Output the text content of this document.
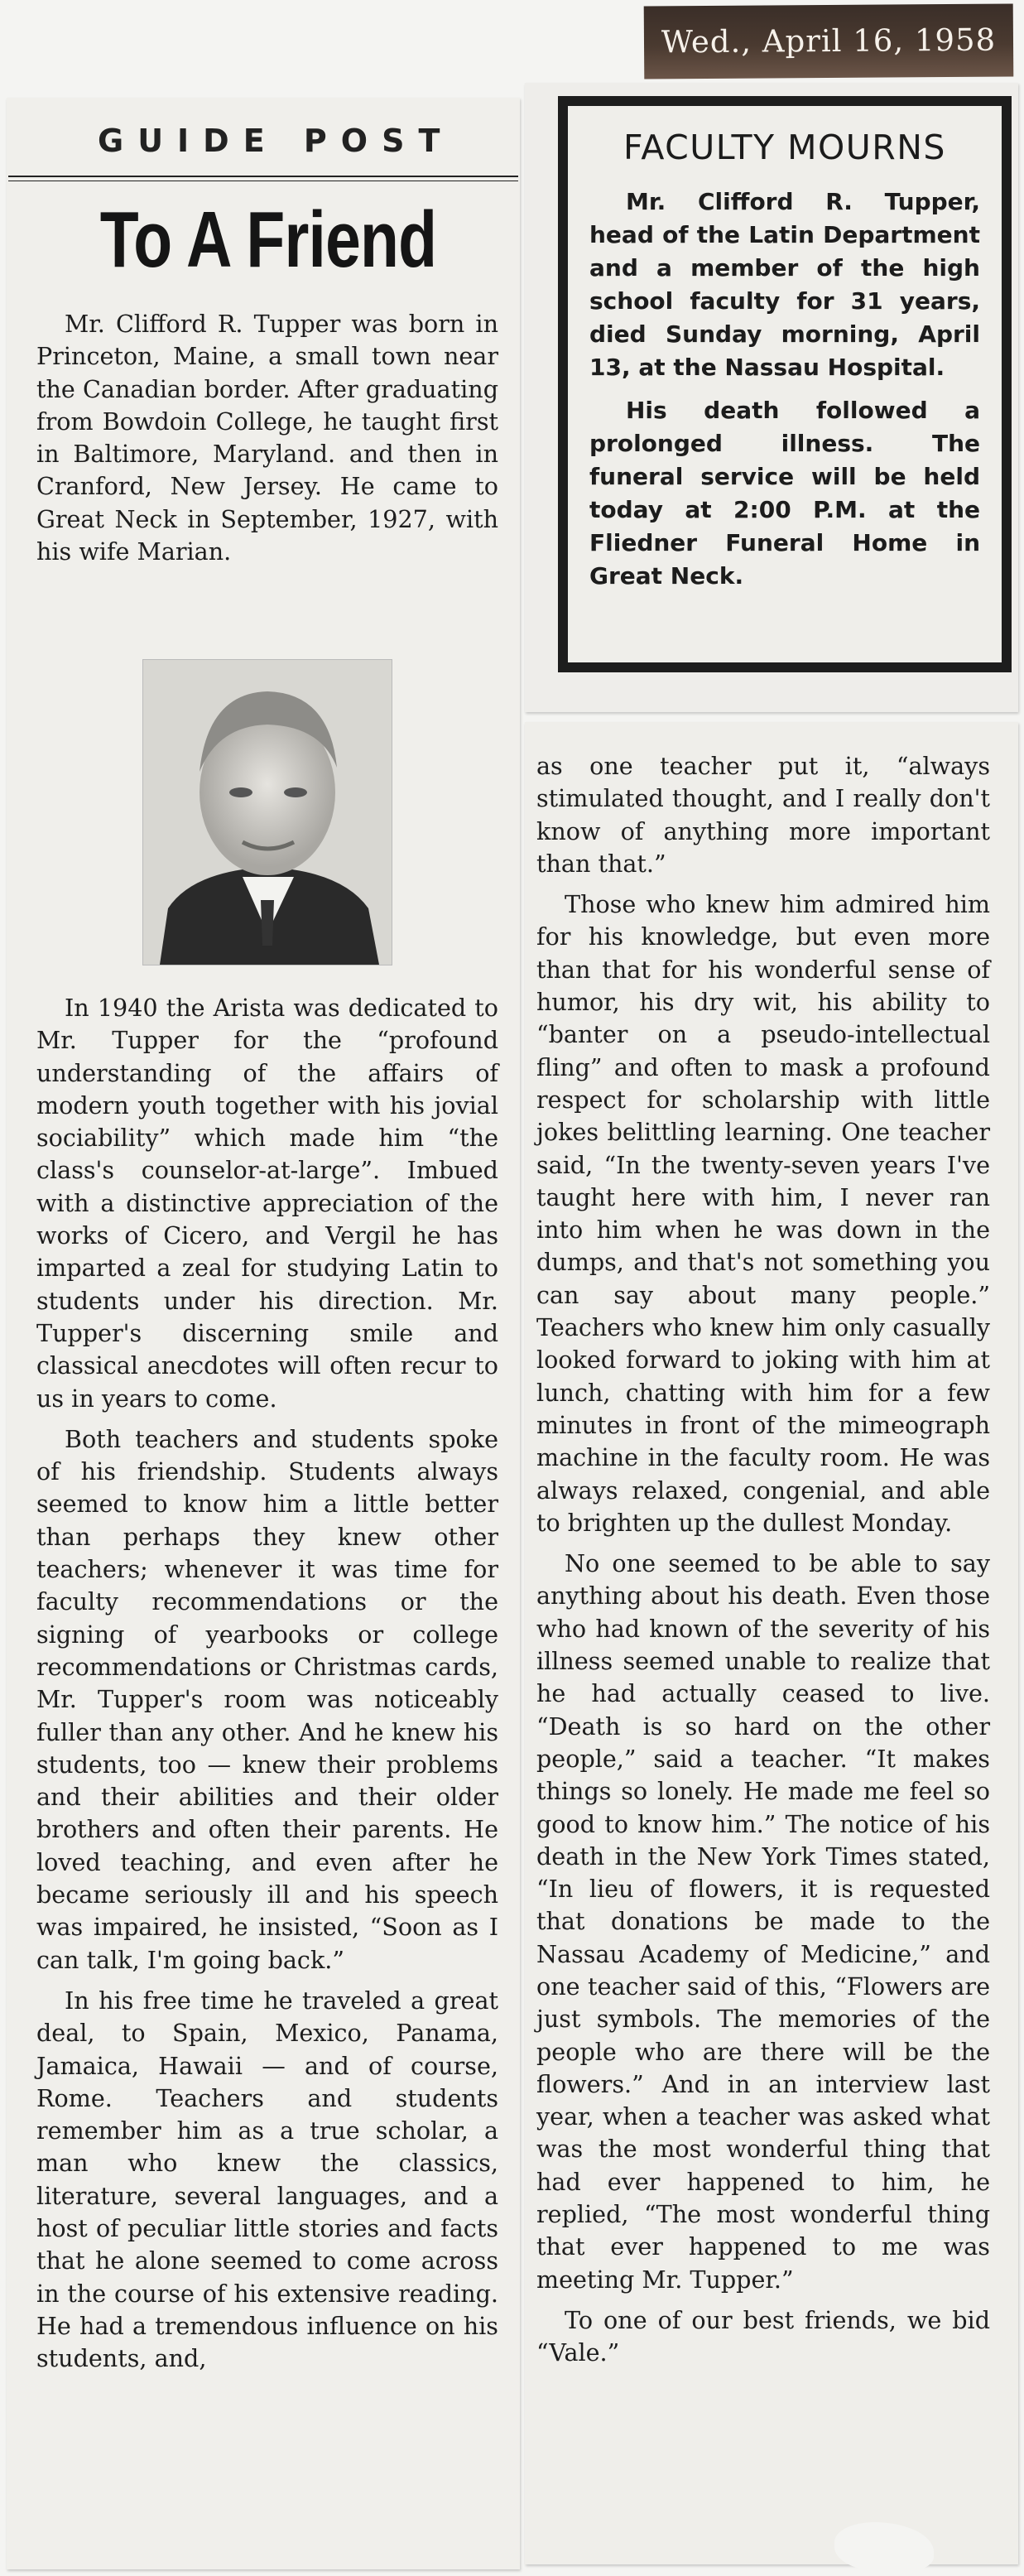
Wed., April 16, 1958
GUIDE POST
To A Friend

Mr. Clifford R. Tupper was born in Princeton, Maine, a small town near the Canadian border. After graduating from Bowdoin College, he taught first in Baltimore, Maryland. and then in Cranford, New Jersey. He came to Great Neck in September, 1927, with his wife Marian.

In 1940 the Arista was dedicated to Mr. Tupper for the “profound understanding of the affairs of modern youth together with his jovial sociability” which made him “the class's counselor-at-large”. Imbued with a distinctive appreciation of the works of Cicero, and Vergil he has imparted a zeal for studying Latin to students under his direction. Mr. Tupper's discerning smile and classical anecdotes will often recur to us in years to come.

Both teachers and students spoke of his friendship. Students always seemed to know him a little better than perhaps they knew other teachers; whenever it was time for faculty recommendations or the signing of yearbooks or college recommendations or Christmas cards, Mr. Tupper's room was noticeably fuller than any other. And he knew his students, too — knew their problems and their abilities and their older brothers and often their parents. He loved teaching, and even after he became seriously ill and his speech was impaired, he insisted, “Soon as I can talk, I'm going back.”

In his free time he traveled a great deal, to Spain, Mexico, Panama, Jamaica, Hawaii — and of course, Rome. Teachers and students remember him as a true scholar, a man who knew the classics, literature, several languages, and a host of peculiar little stories and facts that he alone seemed to come across in the course of his extensive reading. He had a tremendous influence on his students, and,

FACULTY MOURNS

Mr. Clifford R. Tupper, head of the Latin Department and a member of the high school faculty for 31 years, died Sunday morning, April 13, at the Nassau Hospital.

His death followed a prolonged illness. The funeral service will be held today at 2:00 P.M. at the Fliedner Funeral Home in Great Neck.

as one teacher put it, “always stimulated thought, and I really don't know of anything more important than that.”

Those who knew him admired him for his knowledge, but even more than that for his wonderful sense of humor, his dry wit, his ability to “banter on a pseudo-intellectual fling” and often to mask a profound respect for scholarship with little jokes belittling learning. One teacher said, “In the twenty-seven years I've taught here with him, I never ran into him when he was down in the dumps, and that's not something you can say about many people.” Teachers who knew him only casually looked forward to joking with him at lunch, chatting with him for a few minutes in front of the mimeograph machine in the faculty room. He was always relaxed, congenial, and able to brighten up the dullest Monday.

No one seemed to be able to say anything about his death. Even those who had known of the severity of his illness seemed unable to realize that he had actually ceased to live. “Death is so hard on the other people,” said a teacher. “It makes things so lonely. He made me feel so good to know him.” The notice of his death in the New York Times stated, “In lieu of flowers, it is requested that donations be made to the Nassau Academy of Medicine,” and one teacher said of this, “Flowers are just symbols. The memories of the people who are there will be the flowers.” And in an interview last year, when a teacher was asked what was the most wonderful thing that had ever happened to him, he replied, “The most wonderful thing that ever happened to me was meeting Mr. Tupper.”

To one of our best friends, we bid “Vale.”
